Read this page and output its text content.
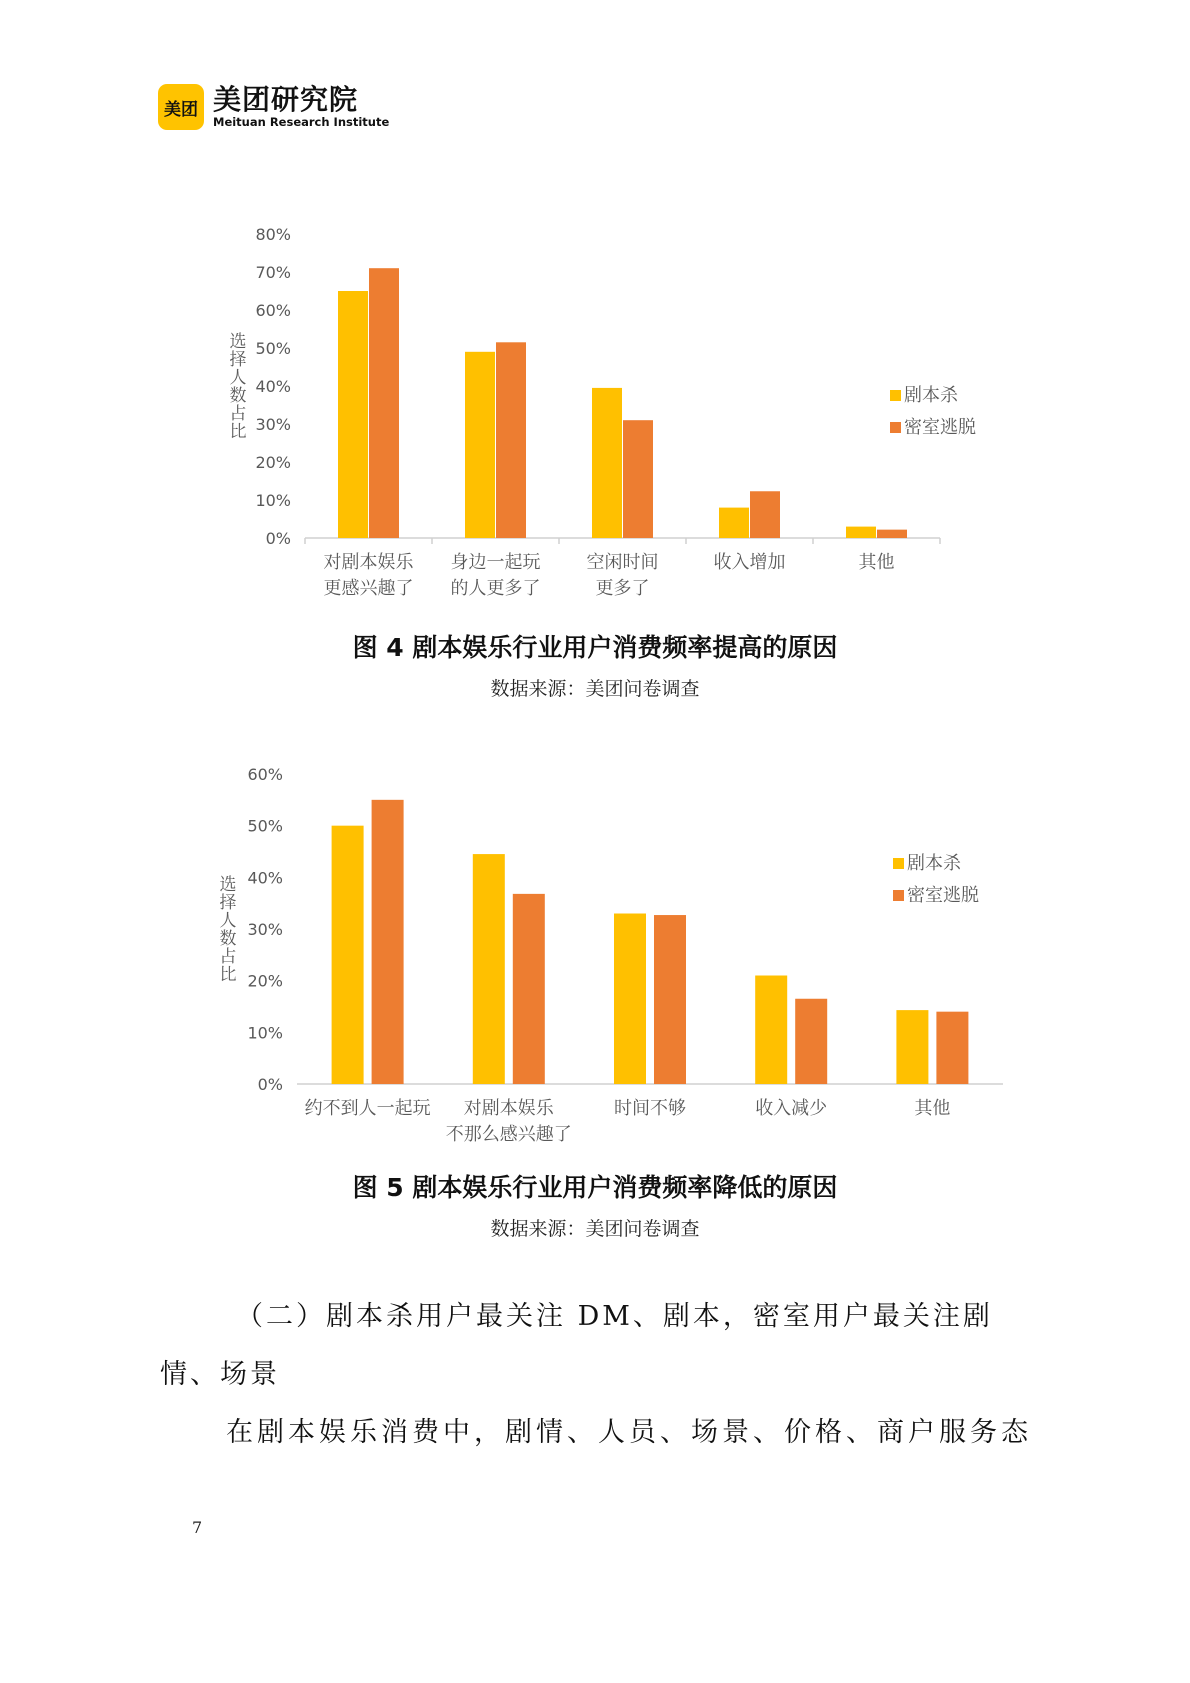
美团 美团研究院
Meituan Research Institute
0%
10%
20%
30%
40%
50%
60%
70%
80%
选择人数占比
对剧本娱乐
更感兴趣了
身边一起玩
的人更多了
空闲时间
更多了
收入增加	其他
剧本杀
密室逃脱
图 4 剧本娱乐行业用户消费频率提高的原因
数据来源：美团问卷调查
0%
10%
20%
30%
40%
50%
60%
选择人数占比
约不到人一起玩 对剧本娱乐
不那么感兴趣了
时间不够	收入减少	其他
剧本杀
密室逃脱
图 5 剧本娱乐行业用户消费频率降低的原因
数据来源：美团问卷调查
（二）剧本杀用户最关注 DM、剧本，密室用户最关注剧情、场景
在剧本娱乐消费中，剧情、人员、场景、价格、商户服务态
7
